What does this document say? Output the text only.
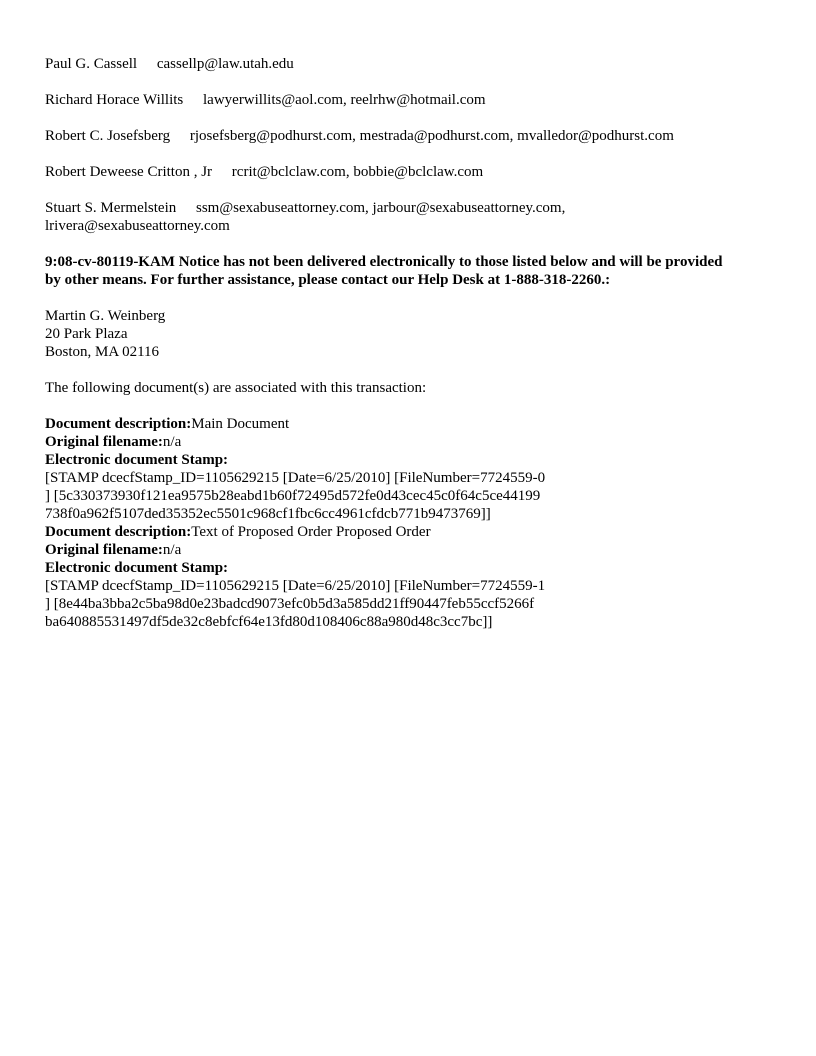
Paul G. Cassell cassellp@law.utah.edu
Richard Horace Willits lawyerwillits@aol.com, reelrhw@hotmail.com
Robert C. Josefsberg rjosefsberg@podhurst.com, mestrada@podhurst.com, mvalledor@podhurst.com
Robert Deweese Critton , Jr rcrit@bclclaw.com, bobbie@bclclaw.com
Stuart S. Mermelstein ssm@sexabuseattorney.com, jarbour@sexabuseattorney.com,
lrivera@sexabuseattorney.com
9:08-cv-80119-KAM Notice has not been delivered electronically to those listed below and will be provided
by other means. For further assistance, please contact our Help Desk at 1-888-318-2260.:
Martin G. Weinberg
20 Park Plaza
Boston, MA 02116
The following document(s) are associated with this transaction:
Document description:Main Document
Original filename:n/a
Electronic document Stamp:
[STAMP dcecfStamp_ID=1105629215 [Date=6/25/2010] [FileNumber=7724559-0
] [5c330373930f121ea9575b28eabd1b60f72495d572fe0d43cec45c0f64c5ce44199
738f0a962f5107ded35352ec5501c968cf1fbc6cc4961cfdcb771b9473769]]
Document description:Text of Proposed Order Proposed Order
Original filename:n/a
Electronic document Stamp:
[STAMP dcecfStamp_ID=1105629215 [Date=6/25/2010] [FileNumber=7724559-1
] [8e44ba3bba2c5ba98d0e23badcd9073efc0b5d3a585dd21ff90447feb55ccf5266f
ba640885531497df5de32c8ebfcf64e13fd80d108406c88a980d48c3cc7bc]]
